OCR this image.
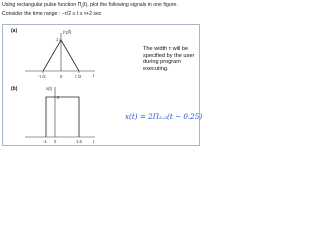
Using rectangular pulse function $\Pi_t(t)$, plot the following signals in one figure.
Consider the time range : −τ/2 ≤ t ≤ τ+2 sec
(a)	y 1 (t)
1
-τ /2	0	τ /2	t
(b)	x(t)
2
-1 0	1.5	t
The width τ will be specified by the user during program executing.
x(t) = 2Π₂.₅(t − 0.25)
